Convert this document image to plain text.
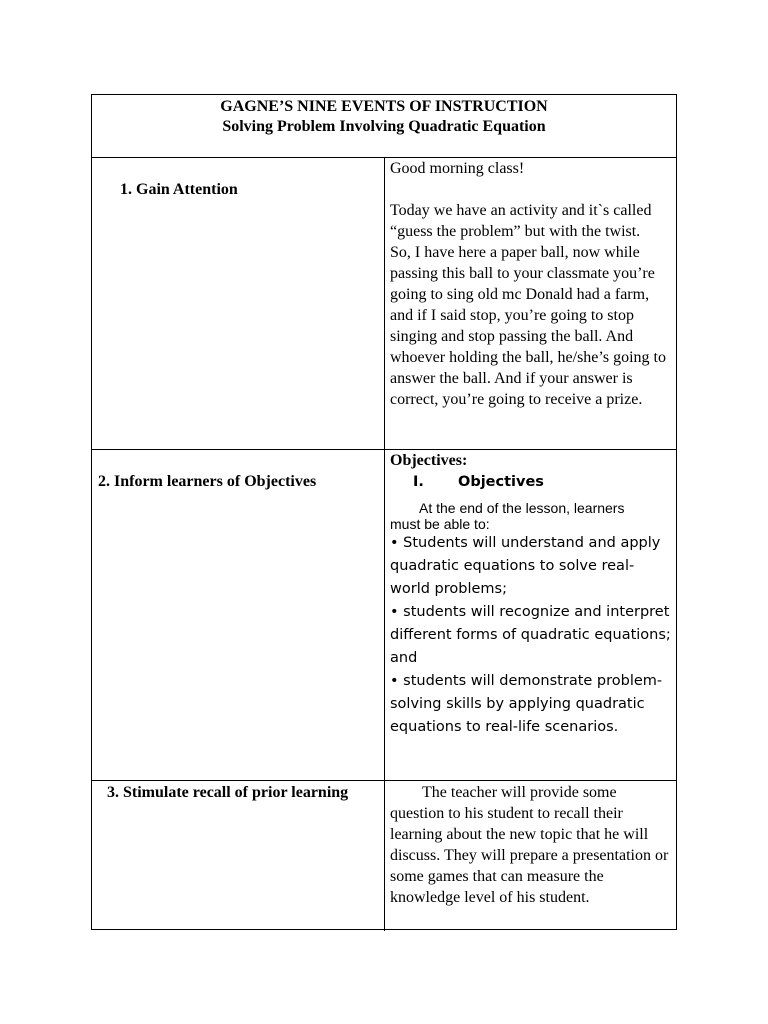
GAGNE’S NINE EVENTS OF INSTRUCTION
Solving Problem Involving Quadratic Equation
1. Gain Attention

Good morning class!

Today we have an activity and it`s called “guess the problem” but with the twist.

So, I have here a paper ball, now while passing this ball to your classmate you’re going to sing old mc Donald had a farm, and if I said stop, you’re going to stop singing and stop passing the ball. And whoever holding the ball, he/she’s going to answer the ball. And if your answer is correct, you’re going to receive a prize.

2. Inform learners of Objectives

Objectives:

I. Objectives

At the end of the lesson, learners

must be able to:

• Students will understand and apply quadratic equations to solve real-world problems;

• students will recognize and interpret different forms of quadratic equations; and

• students will demonstrate problem-solving skills by applying quadratic equations to real-life scenarios.

3. Stimulate recall of prior learning	The teacher will provide some question to his student to recall their learning about the new topic that he will discuss. They will prepare a presentation or some games that can measure the knowledge level of his student.
